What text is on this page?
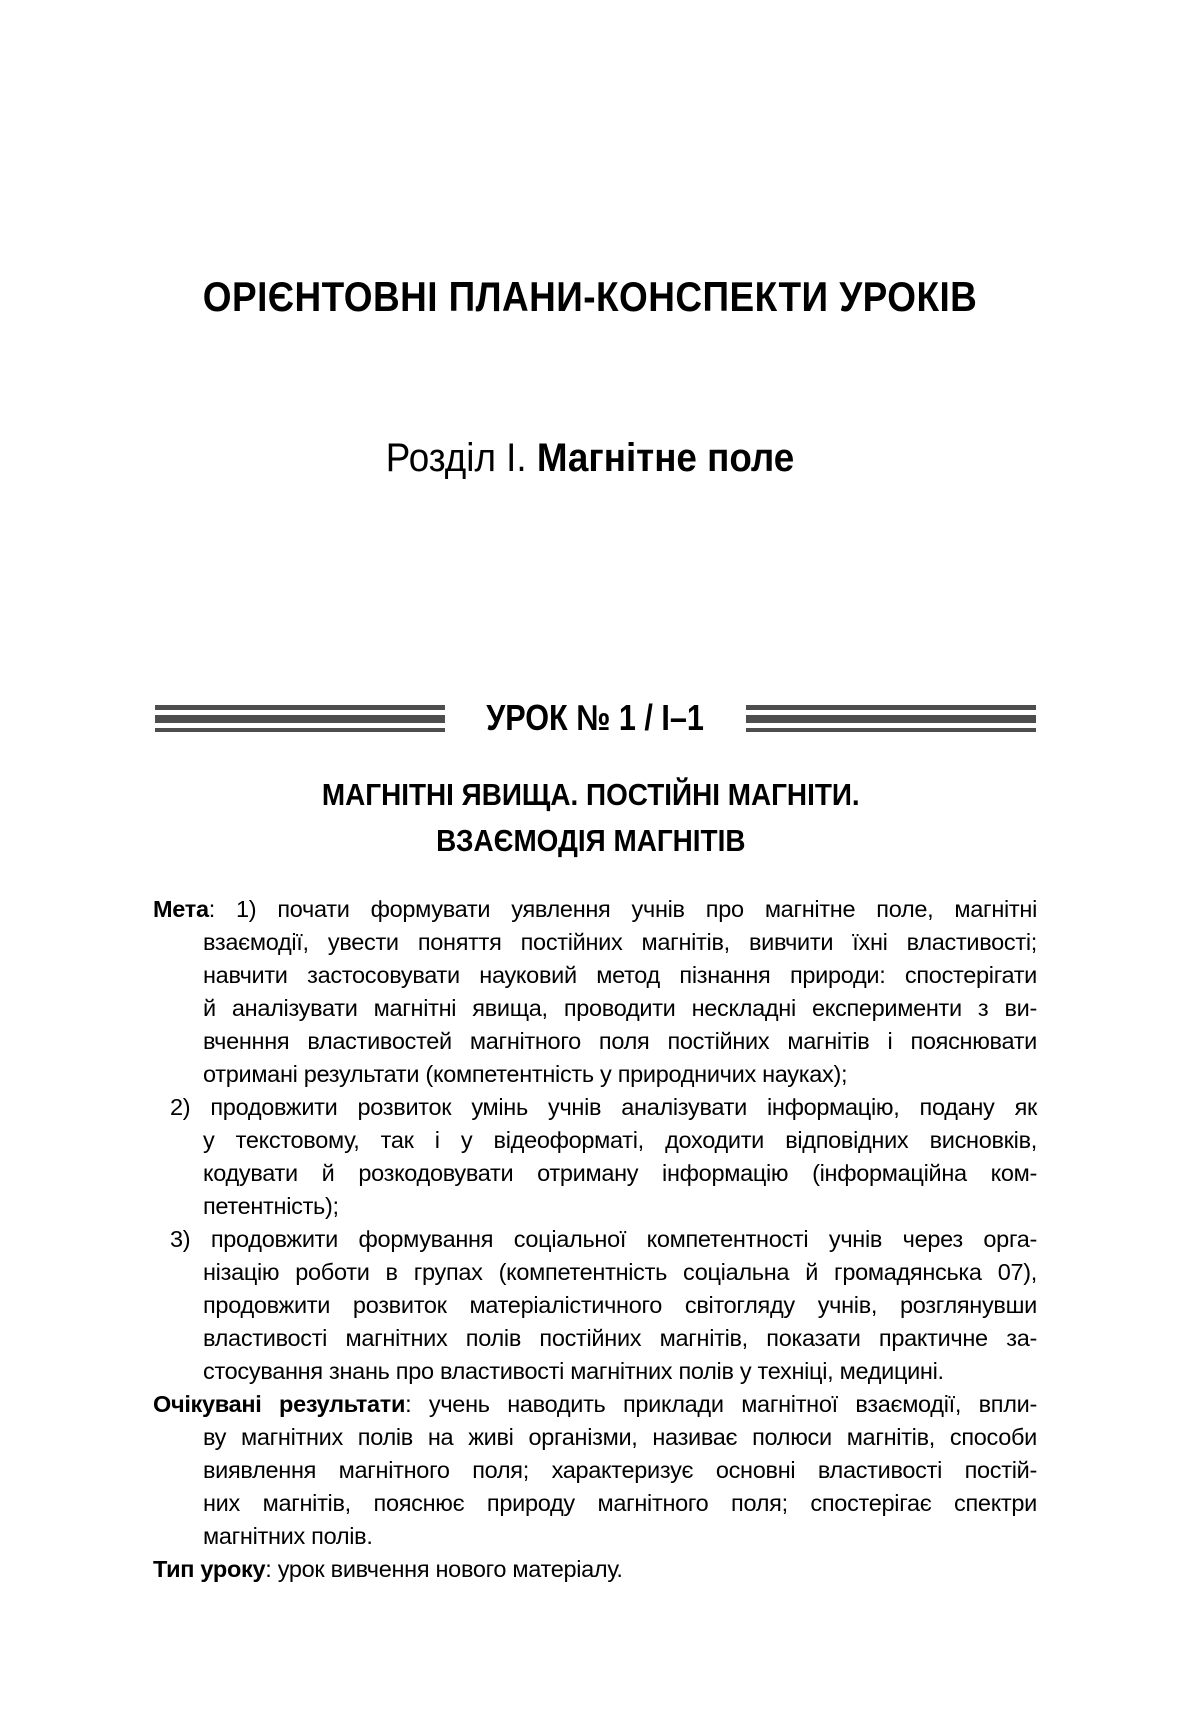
ОРІЄНТОВНІ ПЛАНИ-КОНСПЕКТИ УРОКІВ
Розділ І. Магнітне поле
УРОК № 1 / І–1
МАГНІТНІ ЯВИЩА. ПОСТІЙНІ МАГНІТИ.
ВЗАЄМОДІЯ МАГНІТІВ
Мета: 1) почати формувати уявлення учнів про магнітне поле, магнітні
взаємодії, увести поняття постійних магнітів, вивчити їхні властивості;
навчити застосовувати науковий метод пізнання природи: спостерігати
й аналізувати магнітні явища, проводити нескладні експерименти з ви-
вченння властивостей магнітного поля постійних магнітів і пояснювати
отримані результати (компетентність у природничих науках);
2) продовжити розвиток умінь учнів аналізувати інформацію, подану як
у текстовому, так і у відеоформаті, доходити відповідних висновків,
кодувати й розкодовувати отриману інформацію (інформаційна ком-
петентність);
3) продовжити формування соціальної компетентності учнів через орга-
нізацію роботи в групах (компетентність соціальна й громадянська 07),
продовжити розвиток матеріалістичного світогляду учнів, розглянувши
властивості магнітних полів постійних магнітів, показати практичне за-
стосування знань про властивості магнітних полів у техніці, медицині.
Очікувані результати: учень наводить приклади магнітної взаємодії, впли-
ву магнітних полів на живі організми, називає полюси магнітів, способи
виявлення магнітного поля; характеризує основні властивості постій-
них магнітів, пояснює природу магнітного поля; спостерігає спектри
магнітних полів.
Тип уроку: урок вивчення нового матеріалу.
